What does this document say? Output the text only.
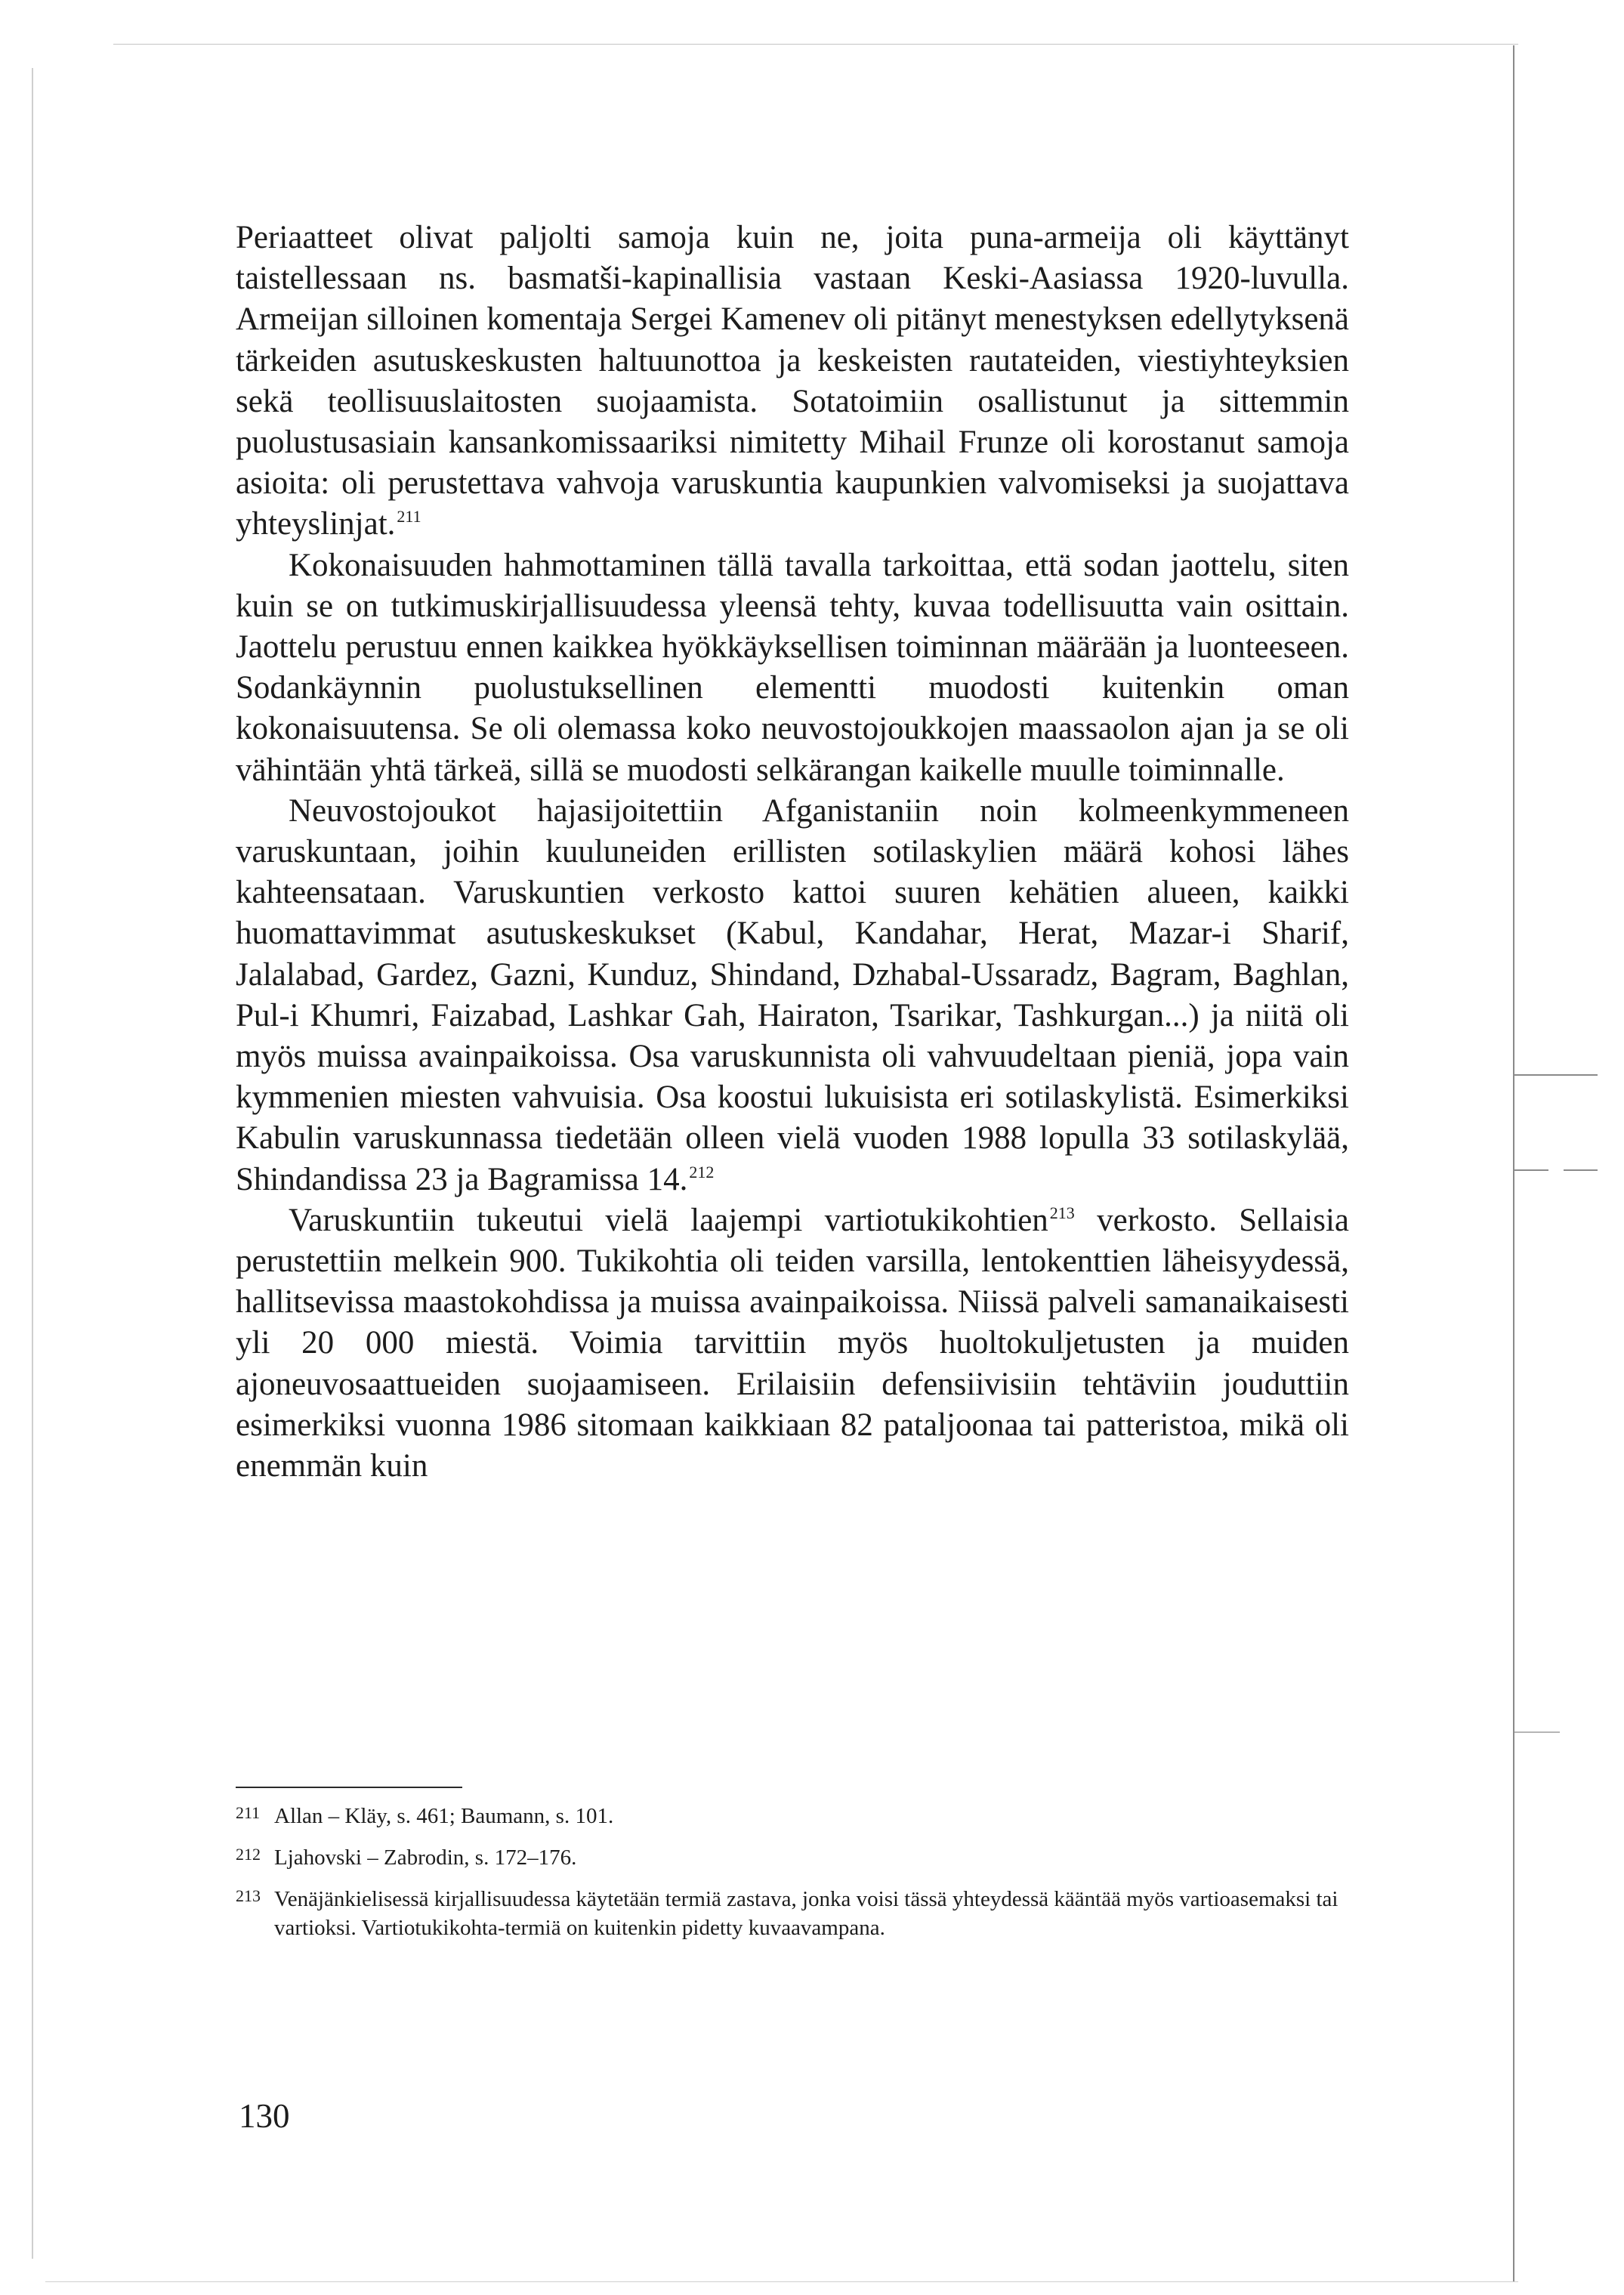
Periaatteet olivat paljolti samoja kuin ne, joita puna-armeija oli käyttänyt taistellessaan ns. basmatši-kapinallisia vastaan Keski-Aasiassa 1920-luvulla. Armeijan silloinen komentaja Sergei Kamenev oli pitänyt menestyksen edellytyksenä tärkeiden asutuskeskusten haltuunottoa ja keskeisten rautateiden, viestiyhteyksien sekä teollisuuslaitosten suojaamista. Sotatoimiin osallistunut ja sittemmin puolustusasiain kansankomissaariksi nimitetty Mihail Frunze oli korostanut samoja asioita: oli perustettava vahvoja varuskuntia kaupunkien valvomiseksi ja suojattava yhteyslinjat.$^{211}$

Kokonaisuuden hahmottaminen tällä tavalla tarkoittaa, että sodan jaottelu, siten kuin se on tutkimuskirjallisuudessa yleensä tehty, kuvaa todellisuutta vain osittain. Jaottelu perustuu ennen kaikkea hyökkäyksellisen toiminnan määrään ja luonteeseen. Sodankäynnin puolustuksellinen elementti muodosti kuitenkin oman kokonaisuutensa. Se oli olemassa koko neuvostojoukkojen maassaolon ajan ja se oli vähintään yhtä tärkeä, sillä se muodosti selkärangan kaikelle muulle toiminnalle.

Neuvostojoukot hajasijoitettiin Afganistaniin noin kolmeenkymmeneen varuskuntaan, joihin kuuluneiden erillisten sotilaskylien määrä kohosi lähes kahteensataan. Varuskuntien verkosto kattoi suuren kehätien alueen, kaikki huomattavimmat asutuskeskukset (Kabul, Kandahar, Herat, Mazar-i Sharif, Jalalabad, Gardez, Gazni, Kunduz, Shindand, Dzhabal-Ussaradz, Bagram, Baghlan, Pul-i Khumri, Faizabad, Lashkar Gah, Hairaton, Tsarikar, Tashkurgan...) ja niitä oli myös muissa avainpaikoissa. Osa varuskunnista oli vahvuudeltaan pieniä, jopa vain kymmenien miesten vahvuisia. Osa koostui lukuisista eri sotilaskylistä. Esimerkiksi Kabulin varuskunnassa tiedetään olleen vielä vuoden 1988 lopulla 33 sotilaskylää, Shindandissa 23 ja Bagramissa 14.$^{212}$

Varuskuntiin tukeutui vielä laajempi vartiotukikohtien$^{213}$ verkosto. Sellaisia perustettiin melkein 900. Tukikohtia oli teiden varsilla, lentokenttien läheisyydessä, hallitsevissa maastokohdissa ja muissa avainpaikoissa. Niissä palveli samanaikaisesti yli 20 000 miestä. Voimia tarvittiin myös huoltokuljetusten ja muiden ajoneuvosaattueiden suojaamiseen. Erilaisiin defensiivisiin tehtäviin jouduttiin esimerkiksi vuonna 1986 sitomaan kaikkiaan 82 pataljoonaa tai patteristoa, mikä oli enemmän kuin

211 Allan – Kläy, s. 461; Baumann, s. 101.
212 Ljahovski – Zabrodin, s. 172–176.
213 Venäjänkielisessä kirjallisuudessa käytetään termiä zastava, jonka voisi tässä yhteydessä kääntää myös vartioasemaksi tai vartioksi. Vartiotukikohta-termiä on kuitenkin pidetty kuvaavampana.
130
